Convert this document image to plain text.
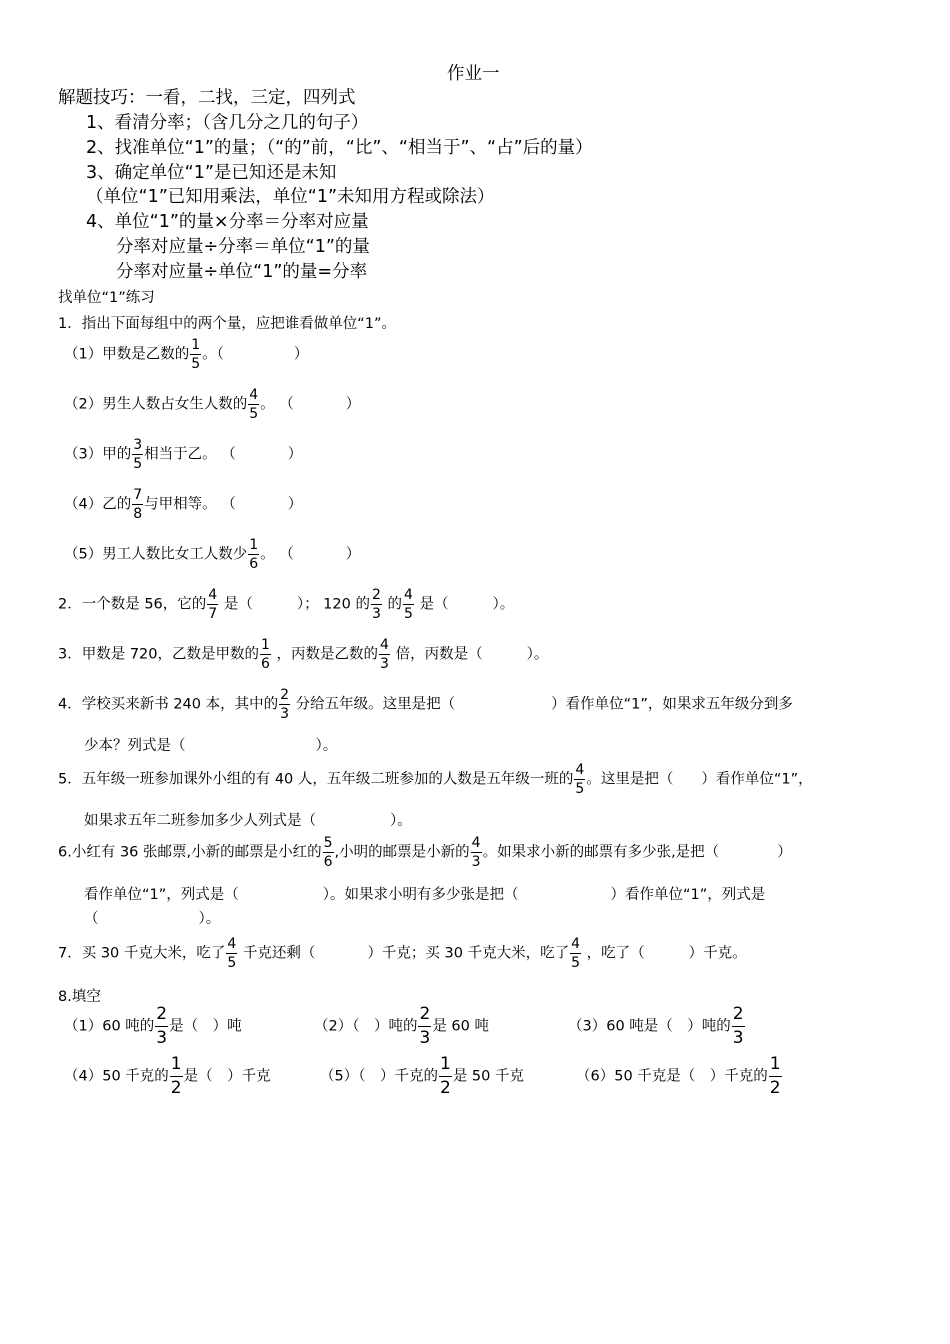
作业一
解题技巧：一看，二找，三定，四列式
1、看清分率；（含几分之几的句子）
2、找准单位“1”的量；（“的”前，“比”、“相当于”、“占”后的量）
3、确定单位“1”是已知还是未知
（单位“1”已知用乘法，单位“1”未知用方程或除法）
4、单位“1”的量×分率＝分率对应量
分率对应量÷分率＝单位“1”的量
分率对应量÷单位“1”的量=分率
找单位“1”练习
1．指出下面每组中的两个量，应把谁看做单位“1”。
（1）甲数是乙数的 $\frac{1}{5}$ 。（	）
（2）男生人数占女生人数的 $\frac{4}{5}$ 。 （	）
（3）甲的 $\frac{3}{5}$ 相当于乙。 （	）
（4）乙的 $\frac{7}{8}$ 与甲相等。 （	）
（5）男工人数比女工人数少 $\frac{1}{6}$ 。 （	）
2．一个数是 56，它的 $\frac{4}{7}$ 是（	）； 120 的 $\frac{2}{3}$ 的 $\frac{4}{5}$ 是（	）。
3．甲数是 720，乙数是甲数的 $\frac{1}{6}$ ，丙数是乙数的 $\frac{4}{3}$ 倍，丙数是（	）。
4．学校买来新书 240 本，其中的 $\frac{2}{3}$ 分给五年级。这里是把（	）看作单位“1”，如果求五年级分到多
少本？列式是（	）。
5．五年级一班参加课外小组的有 40 人，五年级二班参加的人数是五年级一班的 $\frac{4}{5}$ 。这里是把（ ）看作单位“1”，
如果求五年二班参加多少人列式是（	）。
6.小红有 36 张邮票,小新的邮票是小红的 $\frac{5}{6}$ ,小明的邮票是小新的 $\frac{4}{3}$ 。如果求小新的邮票有多少张,是把（	）
看作单位“1”，列式是（	）。如果求小明有多少张是把（	）看作单位“1”，列式是
（	）。
7．买 30 千克大米，吃了 $\frac{4}{5}$ 千克还剩（	）千克；买 30 千克大米，吃了 $\frac{4}{5}$ ，吃了（	）千克。
8.填空
（1）60 吨的 $\frac{2}{3}$ 是（　）吨	（2）（　）吨的 $\frac{2}{3}$ 是 60 吨	（3）60 吨是（　）吨的 $\frac{2}{3}$
（4）50 千克的 $\frac{1}{2}$ 是（　）千克	（5）（　）千克的 $\frac{1}{2}$ 是 50 千克	（6）50 千克是（　）千克的 $\frac{1}{2}$
